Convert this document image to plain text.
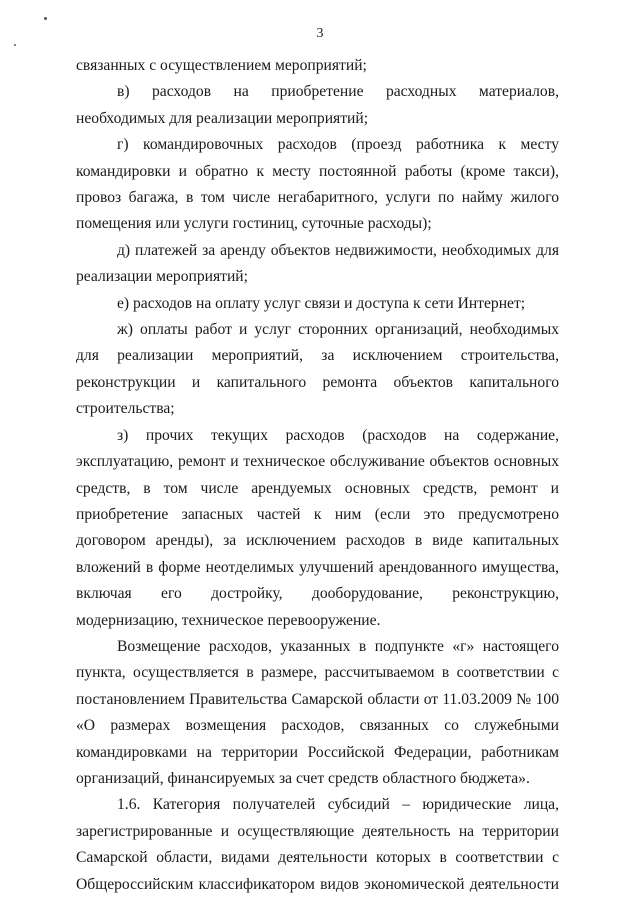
3

связанных с осуществлением мероприятий;

в) расходов на приобретение расходных материалов, необходимых для реализации мероприятий;

г) командировочных расходов (проезд работника к месту командировки и обратно к месту постоянной работы (кроме такси), провоз багажа, в том числе негабаритного, услуги по найму жилого помещения или услуги гостиниц, суточные расходы);

д) платежей за аренду объектов недвижимости, необходимых для реализации мероприятий;

е) расходов на оплату услуг связи и доступа к сети Интернет;

ж) оплаты работ и услуг сторонних организаций, необходимых для реализации мероприятий, за исключением строительства, реконструкции и капитального ремонта объектов капитального строительства;

з) прочих текущих расходов (расходов на содержание, эксплуатацию, ремонт и техническое обслуживание объектов основных средств, в том числе арендуемых основных средств, ремонт и приобретение запасных частей к ним (если это предусмотрено договором аренды), за исключением расходов в виде капитальных вложений в форме неотделимых улучшений арендованного имущества, включая его достройку, дооборудование, реконструкцию, модернизацию, техническое перевооружение.

Возмещение расходов, указанных в подпункте «г» настоящего пункта, осуществляется в размере, рассчитываемом в соответствии с постановлением Правительства Самарской области от 11.03.2009 № 100 «О размерах возмещения расходов, связанных со служебными командировками на территории Российской Федерации, работникам организаций, финансируемых за счет средств областного бюджета».

1.6. Категория получателей субсидий – юридические лица, зарегистрированные и осуществляющие деятельность на территории Самарской области, видами деятельности которых в соответствии с Общероссийским классификатором видов экономической деятельности
